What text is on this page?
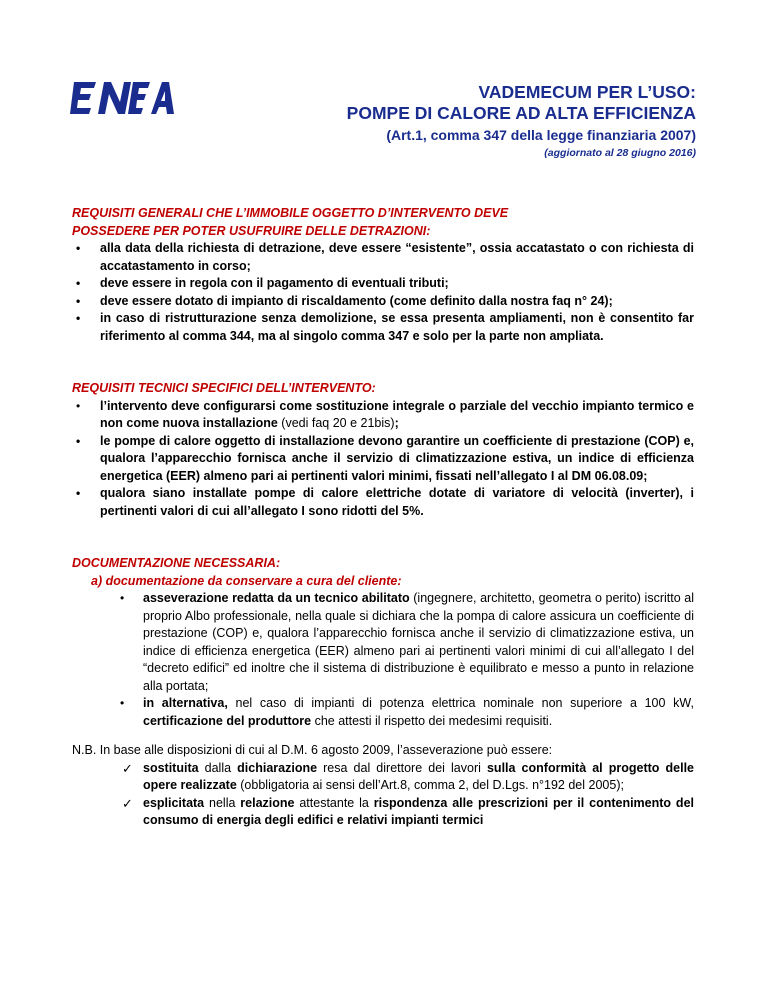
VADEMECUM PER L’USO:
POMPE DI CALORE AD ALTA EFFICIENZA
(Art.1, comma 347 della legge finanziaria 2007)
(aggiornato al 28 giugno 2016)
REQUISITI GENERALI CHE L’IMMOBILE OGGETTO D’INTERVENTO DEVE
POSSEDERE PER POTER USUFRUIRE DELLE DETRAZIONI:
• alla data della richiesta di detrazione, deve essere “esistente”, ossia accatastato o con richiesta di accatastamento in corso;
• deve essere in regola con il pagamento di eventuali tributi;
• deve essere dotato di impianto di riscaldamento (come definito dalla nostra faq n° 24);
• in caso di ristrutturazione senza demolizione, se essa presenta ampliamenti, non è consentito far riferimento al comma 344, ma al singolo comma 347 e solo per la parte non ampliata.
REQUISITI TECNICI SPECIFICI DELL’INTERVENTO:
• l’intervento deve configurarsi come sostituzione integrale o parziale del vecchio impianto termico e non come nuova installazione (vedi faq 20 e 21bis);
• le pompe di calore oggetto di installazione devono garantire un coefficiente di prestazione (COP) e, qualora l’apparecchio fornisca anche il servizio di climatizzazione estiva, un indice di efficienza energetica (EER) almeno pari ai pertinenti valori minimi, fissati nell’allegato I al DM 06.08.09;
• qualora siano installate pompe di calore elettriche dotate di variatore di velocità (inverter), i pertinenti valori di cui all’allegato I sono ridotti del 5%.
DOCUMENTAZIONE NECESSARIA:
a) documentazione da conservare a cura del cliente:
• asseverazione redatta da un tecnico abilitato (ingegnere, architetto, geometra o perito) iscritto al proprio Albo professionale, nella quale si dichiara che la pompa di calore assicura un coefficiente di prestazione (COP) e, qualora l’apparecchio fornisca anche il servizio di climatizzazione estiva, un indice di efficienza energetica (EER) almeno pari ai pertinenti valori minimi di cui all’allegato I del “decreto edifici” ed inoltre che il sistema di distribuzione è equilibrato e messo a punto in relazione alla portata;
• in alternativa, nel caso di impianti di potenza elettrica nominale non superiore a 100 kW, certificazione del produttore che attesti il rispetto dei medesimi requisiti.
N.B. In base alle disposizioni di cui al D.M. 6 agosto 2009, l’asseverazione può essere:
✓ sostituita dalla dichiarazione resa dal direttore dei lavori sulla conformità al progetto delle opere realizzate (obbligatoria ai sensi dell’Art.8, comma 2, del D.Lgs. n°192 del 2005);
✓ esplicitata nella relazione attestante la rispondenza alle prescrizioni per il contenimento del consumo di energia degli edifici e relativi impianti termici
